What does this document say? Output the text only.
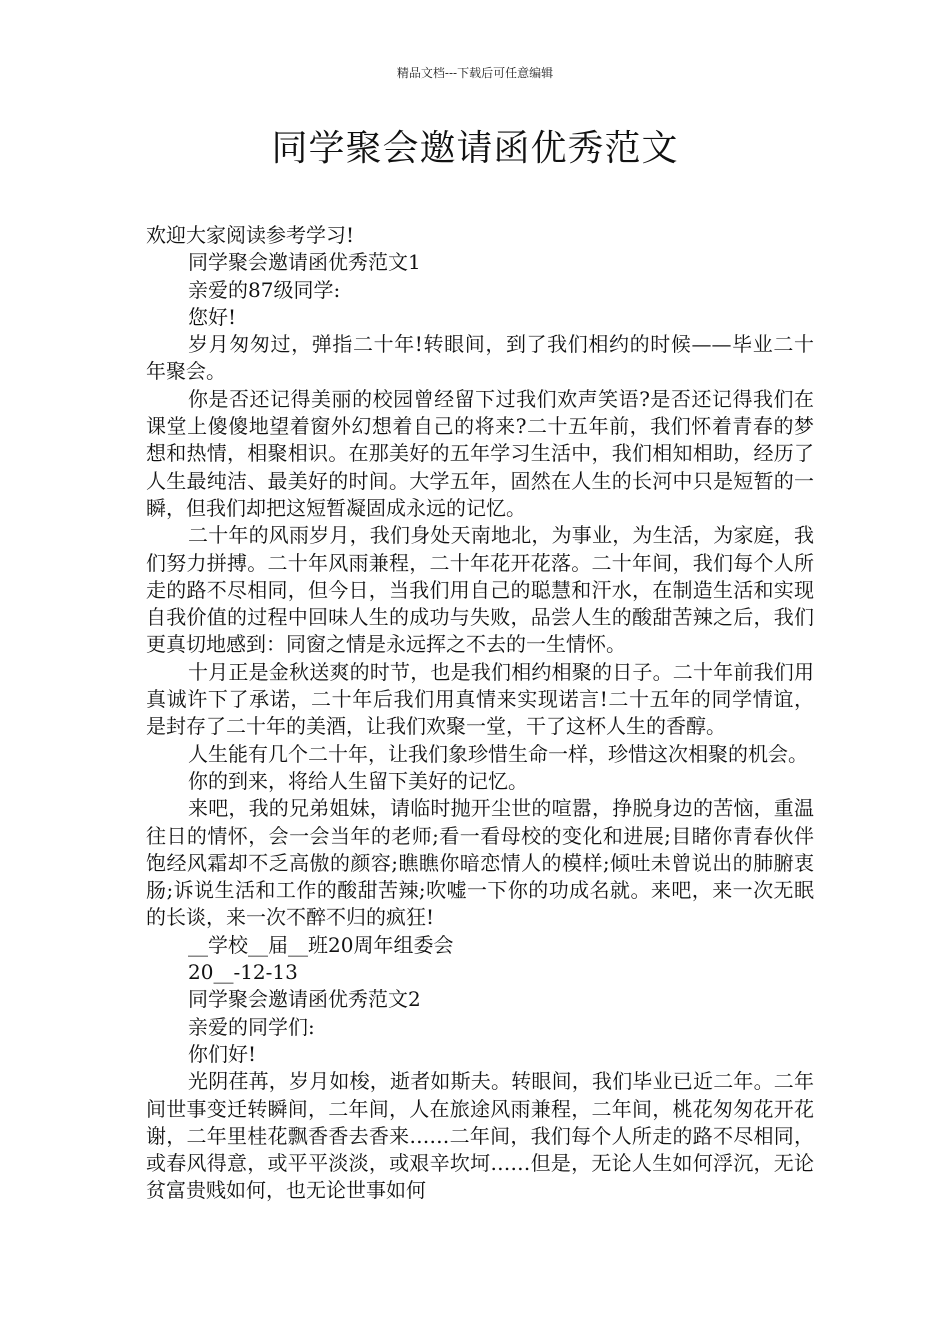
精品文档---下载后可任意编辑
同学聚会邀请函优秀范文

欢迎大家阅读参考学习!

同学聚会邀请函优秀范文1

亲爱的87级同学:

您好!

岁月匆匆过，弹指二十年!转眼间，到了我们相约的时候——毕业二十年聚会。

你是否还记得美丽的校园曾经留下过我们欢声笑语?是否还记得我们在课堂上傻傻地望着窗外幻想着自己的将来?二十五年前，我们怀着青春的梦想和热情，相聚相识。在那美好的五年学习生活中，我们相知相助，经历了人生最纯洁、最美好的时间。大学五年，固然在人生的长河中只是短暂的一瞬，但我们却把这短暂凝固成永远的记忆。

二十年的风雨岁月，我们身处天南地北，为事业，为生活，为家庭，我们努力拼搏。二十年风雨兼程，二十年花开花落。二十年间，我们每个人所走的路不尽相同，但今日，当我们用自己的聪慧和汗水，在制造生活和实现自我价值的过程中回味人生的成功与失败，品尝人生的酸甜苦辣之后，我们更真切地感到：同窗之情是永远挥之不去的一生情怀。

十月正是金秋送爽的时节，也是我们相约相聚的日子。二十年前我们用真诚许下了承诺，二十年后我们用真情来实现诺言!二十五年的同学情谊，是封存了二十年的美酒，让我们欢聚一堂，干了这杯人生的香醇。

人生能有几个二十年，让我们象珍惜生命一样，珍惜这次相聚的机会。

你的到来，将给人生留下美好的记忆。

来吧，我的兄弟姐妹，请临时抛开尘世的喧嚣，挣脱身边的苦恼，重温往日的情怀，会一会当年的老师;看一看母校的变化和进展;目睹你青春伙伴饱经风霜却不乏高傲的颜容;瞧瞧你暗恋情人的模样;倾吐未曾说出的肺腑衷肠;诉说生活和工作的酸甜苦辣;吹嘘一下你的功成名就。来吧，来一次无眠的长谈，来一次不醉不归的疯狂!

__学校__届__班20周年组委会

20__-12-13

同学聚会邀请函优秀范文2

亲爱的同学们:

你们好!

光阴荏苒，岁月如梭，逝者如斯夫。转眼间，我们毕业已近二年。二年间世事变迁转瞬间，二年间，人在旅途风雨兼程，二年间，桃花匆匆花开花谢，二年里桂花飘香香去香来……二年间，我们每个人所走的路不尽相同，或春风得意，或平平淡淡，或艰辛坎坷……但是，无论人生如何浮沉，无论贫富贵贱如何，也无论世事如何
